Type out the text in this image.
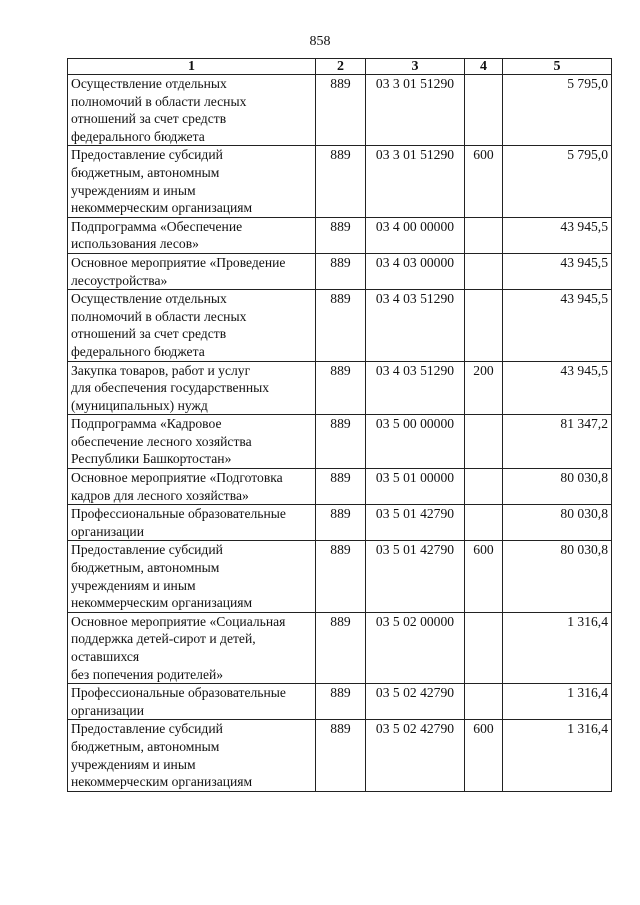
858
1	2	3	4	5
Осуществление отдельных
полномочий в области лесных
отношений за счет средств
федерального бюджета	889	03 3 01 51290		5 795,0
Предоставление субсидий
бюджетным, автономным
учреждениям и иным
некоммерческим организациям	889	03 3 01 51290	600	5 795,0
Подпрограмма «Обеспечение
использования лесов»	889	03 4 00 00000		43 945,5
Основное мероприятие «Проведение
лесоустройства»	889	03 4 03 00000		43 945,5
Осуществление отдельных
полномочий в области лесных
отношений за счет средств
федерального бюджета	889	03 4 03 51290		43 945,5
Закупка товаров, работ и услуг
для обеспечения государственных
(муниципальных) нужд	889	03 4 03 51290	200	43 945,5
Подпрограмма «Кадровое
обеспечение лесного хозяйства
Республики Башкортостан»	889	03 5 00 00000		81 347,2
Основное мероприятие «Подготовка
кадров для лесного хозяйства»	889	03 5 01 00000		80 030,8
Профессиональные образовательные
организации	889	03 5 01 42790		80 030,8
Предоставление субсидий
бюджетным, автономным
учреждениям и иным
некоммерческим организациям	889	03 5 01 42790	600	80 030,8
Основное мероприятие «Социальная
поддержка детей-сирот и детей,
оставшихся
без попечения родителей»	889	03 5 02 00000		1 316,4
Профессиональные образовательные
организации	889	03 5 02 42790		1 316,4
Предоставление субсидий
бюджетным, автономным
учреждениям и иным
некоммерческим организациям	889	03 5 02 42790	600	1 316,4
